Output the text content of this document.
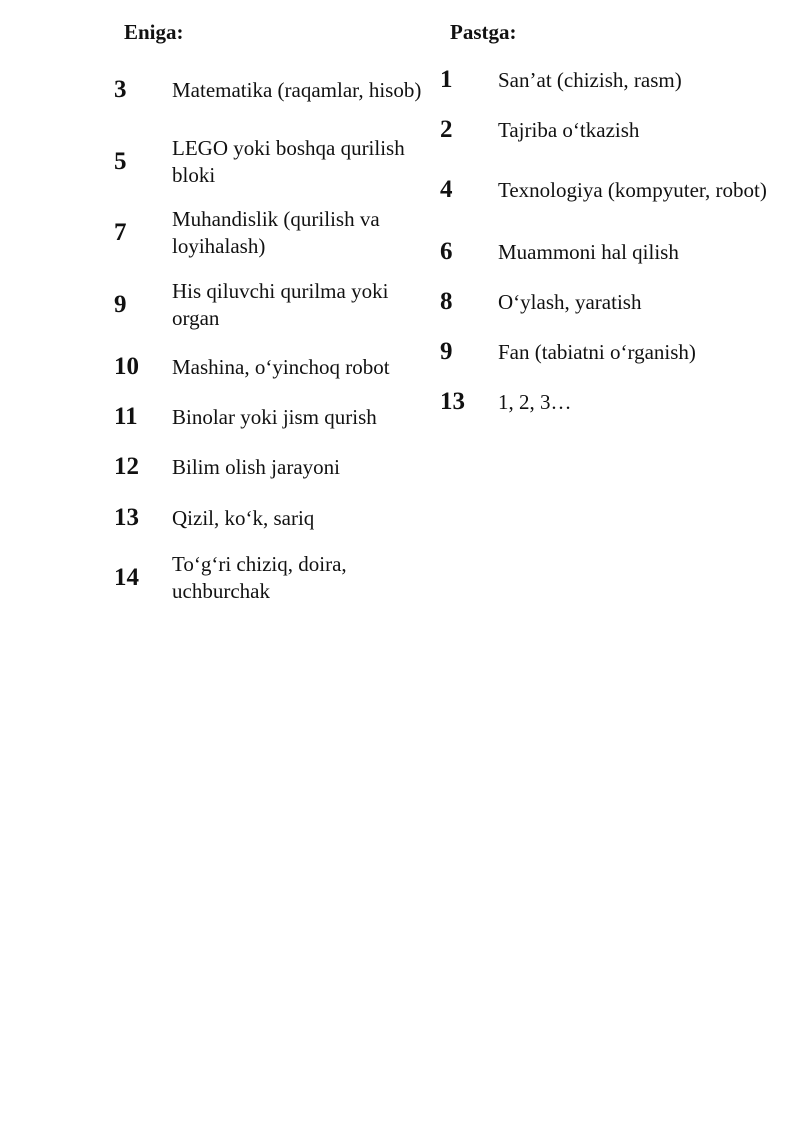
Eniga:
3	Matematika (raqamlar, hisob)
5	LEGO yoki boshqa qurilish bloki
7	Muhandislik (qurilish va loyihalash)
9	His qiluvchi qurilma yoki organ
10	Mashina, o‘yinchoq robot
11	Binolar yoki jism qurish
12	Bilim olish jarayoni
13	Qizil, ko‘k, sariq
14	To‘g‘ri chiziq, doira, uchburchak
Pastga:
1	San’at (chizish, rasm)
2	Tajriba o‘tkazish
4	Texnologiya (kompyuter, robot)
6	Muammoni hal qilish
8	O‘ylash, yaratish
9	Fan (tabiatni o‘rganish)
13	1, 2, 3…
